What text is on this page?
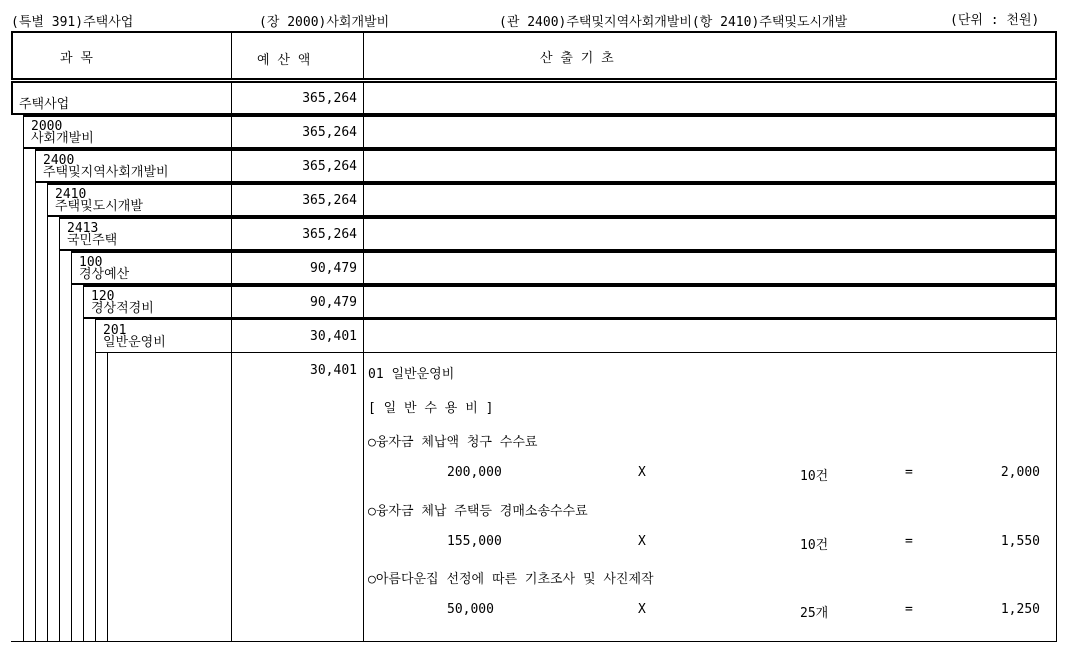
(특별 391)주택사업	(장 2000)사회개발비	(관 2400)주택및지역사회개발비(항 2410)주택및도시개발	(단위 : 천원)
과 목	예 산 액	산 출 기 초
주택사업	365,264
2000
사회개발비	365,264
2400
주택및지역사회개발비	365,264
2410
주택및도시개발	365,264
2413
국민주택	365,264
100
경상예산	90,479
120
경상적경비	90,479
201
일반운영비	30,401
30,401 01 일반운영비
[ 일 반 수 용 비 ]
○융자금 체납액 청구 수수료
200,000	X	10건	=	2,000
○융자금 체납 주택등 경매소송수수료
155,000	X	10건	=	1,550
○아름다운집 선정에 따른 기초조사 및 사진제작
50,000	X	25개	=	1,250
